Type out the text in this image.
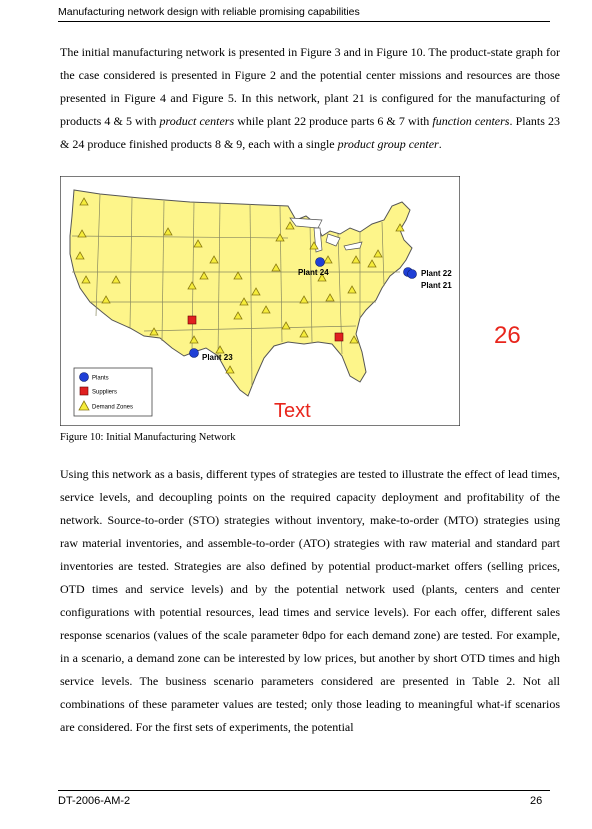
Manufacturing network design with reliable promising capabilities

The initial manufacturing network is presented in Figure 3 and in Figure 10. The product-state graph for the case considered is presented in Figure 2 and the potential center missions and resources are those presented in Figure 4 and Figure 5. In this network, plant 21 is configured for the manufacturing of products 4 & 5 with product centers while plant 22 produce parts 6 & 7 with function centers. Plants 23 & 24 produce finished products 8 & 9, each with a single product group center.

Plant 24	Plant 22
Plant 21
Plant 23
Plants
Suppliers
Demand Zones
26
Text
Figure 10: Initial Manufacturing Network

Using this network as a basis, different types of strategies are tested to illustrate the effect of lead times, service levels, and decoupling points on the required capacity deployment and profitability of the network. Source-to-order (STO) strategies without inventory, make-to-order (MTO) strategies using raw material inventories, and assemble-to-order (ATO) strategies with raw material and standard part inventories are tested. Strategies are also defined by potential product-market offers (selling prices, OTD times and service levels) and by the potential network used (plants, centers and center configurations with potential resources, lead times and service levels). For each offer, different sales response scenarios (values of the scale parameter θdpo for each demand zone) are tested. For example, in a scenario, a demand zone can be interested by low prices, but another by short OTD times and high service levels. The business scenario parameters considered are presented in Table 2. Not all combinations of these parameter values are tested; only those leading to meaningful what-if scenarios are considered. For the first sets of experiments, the potential

DT-2006-AM-2	26
